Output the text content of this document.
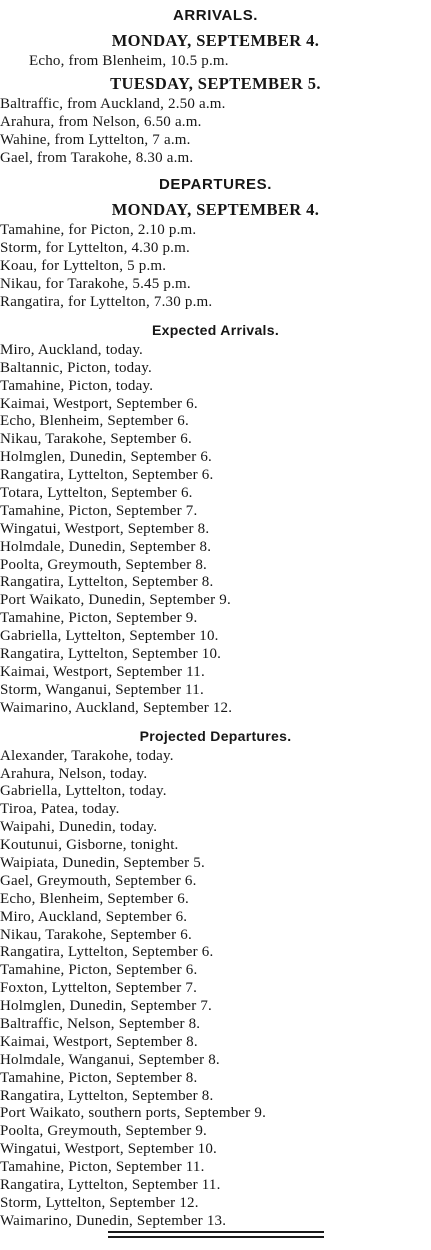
ARRIVALS.
MONDAY, SEPTEMBER 4.
Echo, from Blenheim, 10.5 p.m.
TUESDAY, SEPTEMBER 5.
Baltraffic, from Auckland, 2.50 a.m.
Arahura, from Nelson, 6.50 a.m.
Wahine, from Lyttelton, 7 a.m.
Gael, from Tarakohe, 8.30 a.m.
DEPARTURES.
MONDAY, SEPTEMBER 4.
Tamahine, for Picton, 2.10 p.m.
Storm, for Lyttelton, 4.30 p.m.
Koau, for Lyttelton, 5 p.m.
Nikau, for Tarakohe, 5.45 p.m.
Rangatira, for Lyttelton, 7.30 p.m.
Expected Arrivals.
Miro, Auckland, today.
Baltannic, Picton, today.
Tamahine, Picton, today.
Kaimai, Westport, September 6.
Echo, Blenheim, September 6.
Nikau, Tarakohe, September 6.
Holmglen, Dunedin, September 6.
Rangatira, Lyttelton, September 6.
Totara, Lyttelton, September 6.
Tamahine, Picton, September 7.
Wingatui, Westport, September 8.
Holmdale, Dunedin, September 8.
Poolta, Greymouth, September 8.
Rangatira, Lyttelton, September 8.
Port Waikato, Dunedin, September 9.
Tamahine, Picton, September 9.
Gabriella, Lyttelton, September 10.
Rangatira, Lyttelton, September 10.
Kaimai, Westport, September 11.
Storm, Wanganui, September 11.
Waimarino, Auckland, September 12.
Projected Departures.
Alexander, Tarakohe, today.
Arahura, Nelson, today.
Gabriella, Lyttelton, today.
Tiroa, Patea, today.
Waipahi, Dunedin, today.
Koutunui, Gisborne, tonight.
Waipiata, Dunedin, September 5.
Gael, Greymouth, September 6.
Echo, Blenheim, September 6.
Miro, Auckland, September 6.
Nikau, Tarakohe, September 6.
Rangatira, Lyttelton, September 6.
Tamahine, Picton, September 6.
Foxton, Lyttelton, September 7.
Holmglen, Dunedin, September 7.
Baltraffic, Nelson, September 8.
Kaimai, Westport, September 8.
Holmdale, Wanganui, September 8.
Tamahine, Picton, September 8.
Rangatira, Lyttelton, September 8.
Port Waikato, southern ports, September 9.
Poolta, Greymouth, September 9.
Wingatui, Westport, September 10.
Tamahine, Picton, September 11.
Rangatira, Lyttelton, September 11.
Storm, Lyttelton, September 12.
Waimarino, Dunedin, September 13.
